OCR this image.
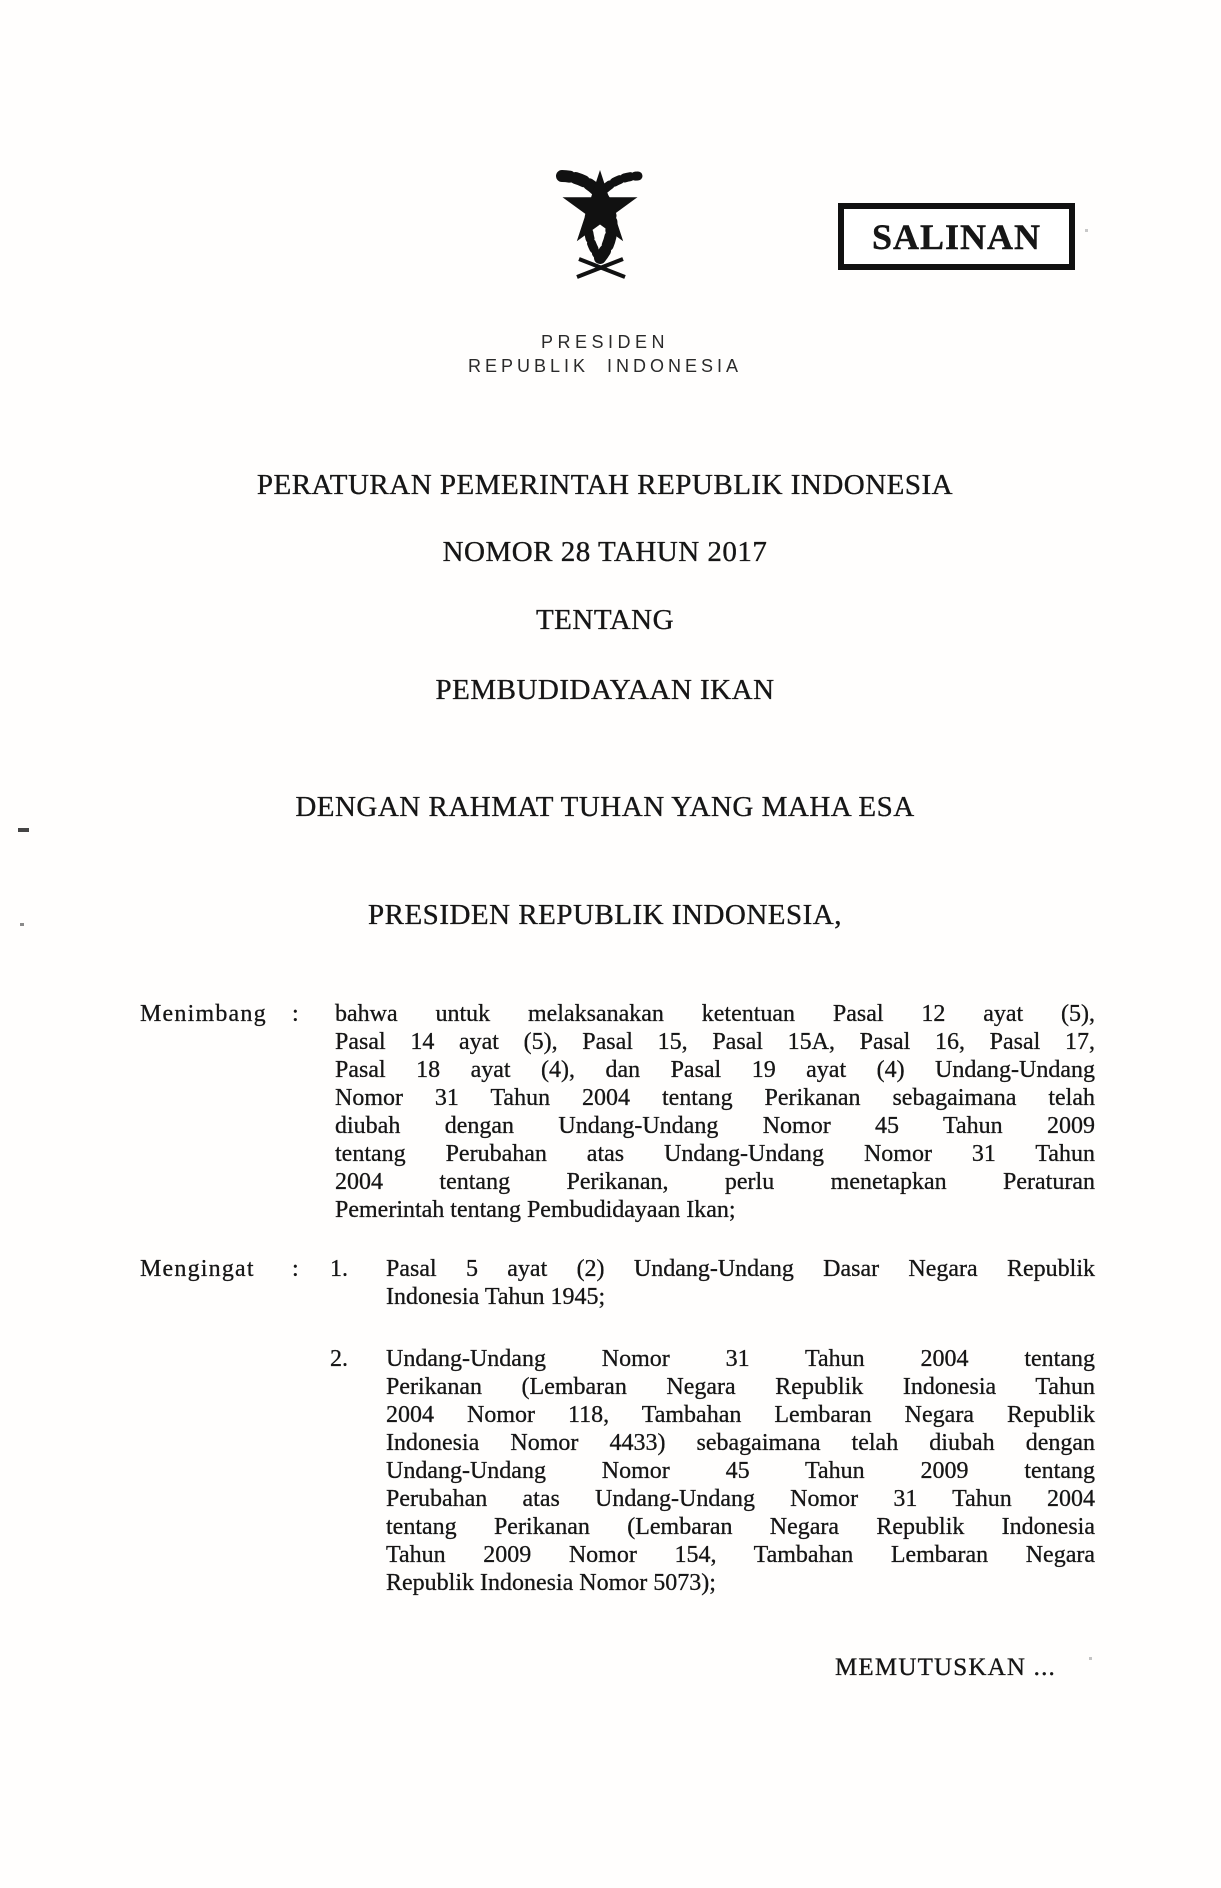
SALINAN
PRESIDEN
REPUBLIK INDONESIA
PERATURAN PEMERINTAH REPUBLIK INDONESIA
NOMOR 28 TAHUN 2017
TENTANG
PEMBUDIDAYAAN IKAN
DENGAN RAHMAT TUHAN YANG MAHA ESA
PRESIDEN REPUBLIK INDONESIA,
Menimbang : bahwa untuk melaksanakan ketentuan Pasal 12 ayat (5),
Pasal 14 ayat (5), Pasal 15, Pasal 15A, Pasal 16, Pasal 17,
Pasal 18 ayat (4), dan Pasal 19 ayat (4) Undang-Undang
Nomor 31 Tahun 2004 tentang Perikanan sebagaimana telah
diubah dengan Undang-Undang Nomor 45 Tahun 2009
tentang Perubahan atas Undang-Undang Nomor 31 Tahun
2004 tentang Perikanan, perlu menetapkan Peraturan
Pemerintah tentang Pembudidayaan Ikan;
Mengingat : 1. Pasal 5 ayat (2) Undang-Undang Dasar Negara Republik
Indonesia Tahun 1945;
2. Undang-Undang Nomor 31 Tahun 2004 tentang
Perikanan (Lembaran Negara Republik Indonesia Tahun
2004 Nomor 118, Tambahan Lembaran Negara Republik
Indonesia Nomor 4433) sebagaimana telah diubah dengan
Undang-Undang Nomor 45 Tahun 2009 tentang
Perubahan atas Undang-Undang Nomor 31 Tahun 2004
tentang Perikanan (Lembaran Negara Republik Indonesia
Tahun 2009 Nomor 154, Tambahan Lembaran Negara
Republik Indonesia Nomor 5073);
MEMUTUSKAN ...
